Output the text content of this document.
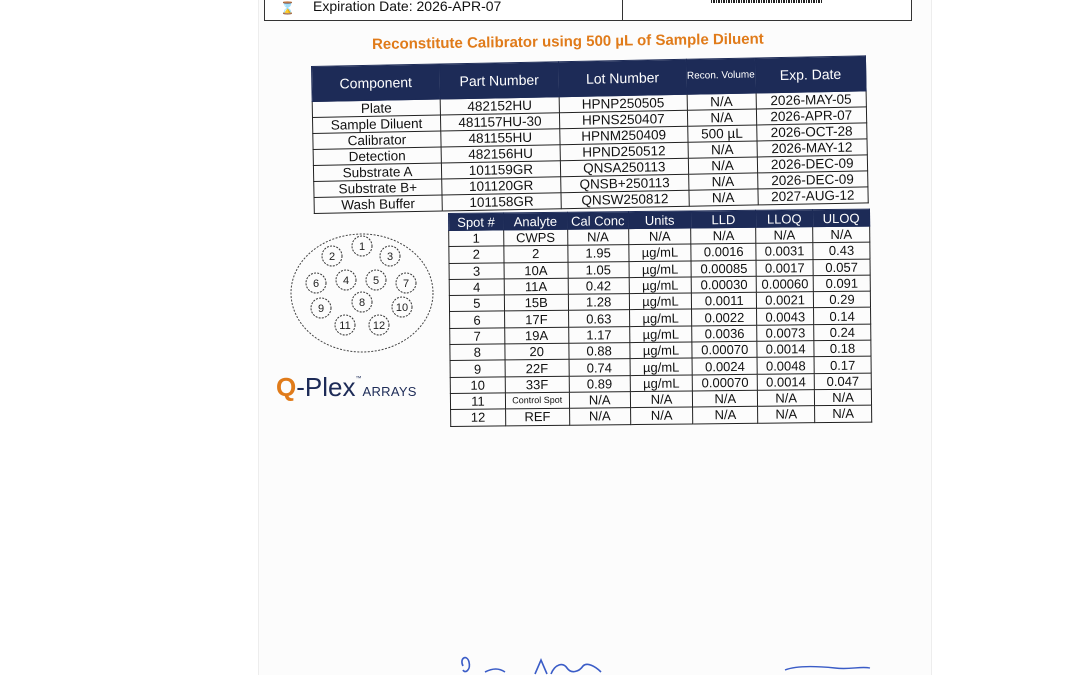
⌛ Expiration Date: 2026-APR-07
Reconstitute Calibrator using 500 µL of Sample Diluent
Component	Part Number	Lot Number	Recon. Volume	Exp. Date
Plate	482152HU	HPNP250505	N/A	2026-MAY-05
Sample Diluent	481157HU-30	HPNS250407	N/A	2026-APR-07
Calibrator	481155HU	HPNM250409	500 µL	2026-OCT-28
Detection	482156HU	HPND250512	N/A	2026-MAY-12
Substrate A	101159GR	QNSA250113	N/A	2026-DEC-09
Substrate B+	101120GR	QNSB+250113	N/A	2026-DEC-09
Wash Buffer	101158GR	QNSW250812	N/A	2027-AUG-12
1
2	3
4 5
6	7
8
9	10
11 12
Q-Plex™ARRAYS
Spot #	Analyte	Cal Conc	Units	LLD	LLOQ	ULOQ
1	CWPS	N/A	N/A	N/A	N/A	N/A
2	2	1.95	µg/mL	0.0016	0.0031	0.43
3	10A	1.05	µg/mL	0.00085	0.0017	0.057
4	11A	0.42	µg/mL	0.00030	0.00060	0.091
5	15B	1.28	µg/mL	0.0011	0.0021	0.29
6	17F	0.63	µg/mL	0.0022	0.0043	0.14
7	19A	1.17	µg/mL	0.0036	0.0073	0.24
8	20	0.88	µg/mL	0.00070	0.0014	0.18
9	22F	0.74	µg/mL	0.0024	0.0048	0.17
10	33F	0.89	µg/mL	0.00070	0.0014	0.047
11	Control Spot	N/A	N/A	N/A	N/A	N/A
12	REF	N/A	N/A	N/A	N/A	N/A
